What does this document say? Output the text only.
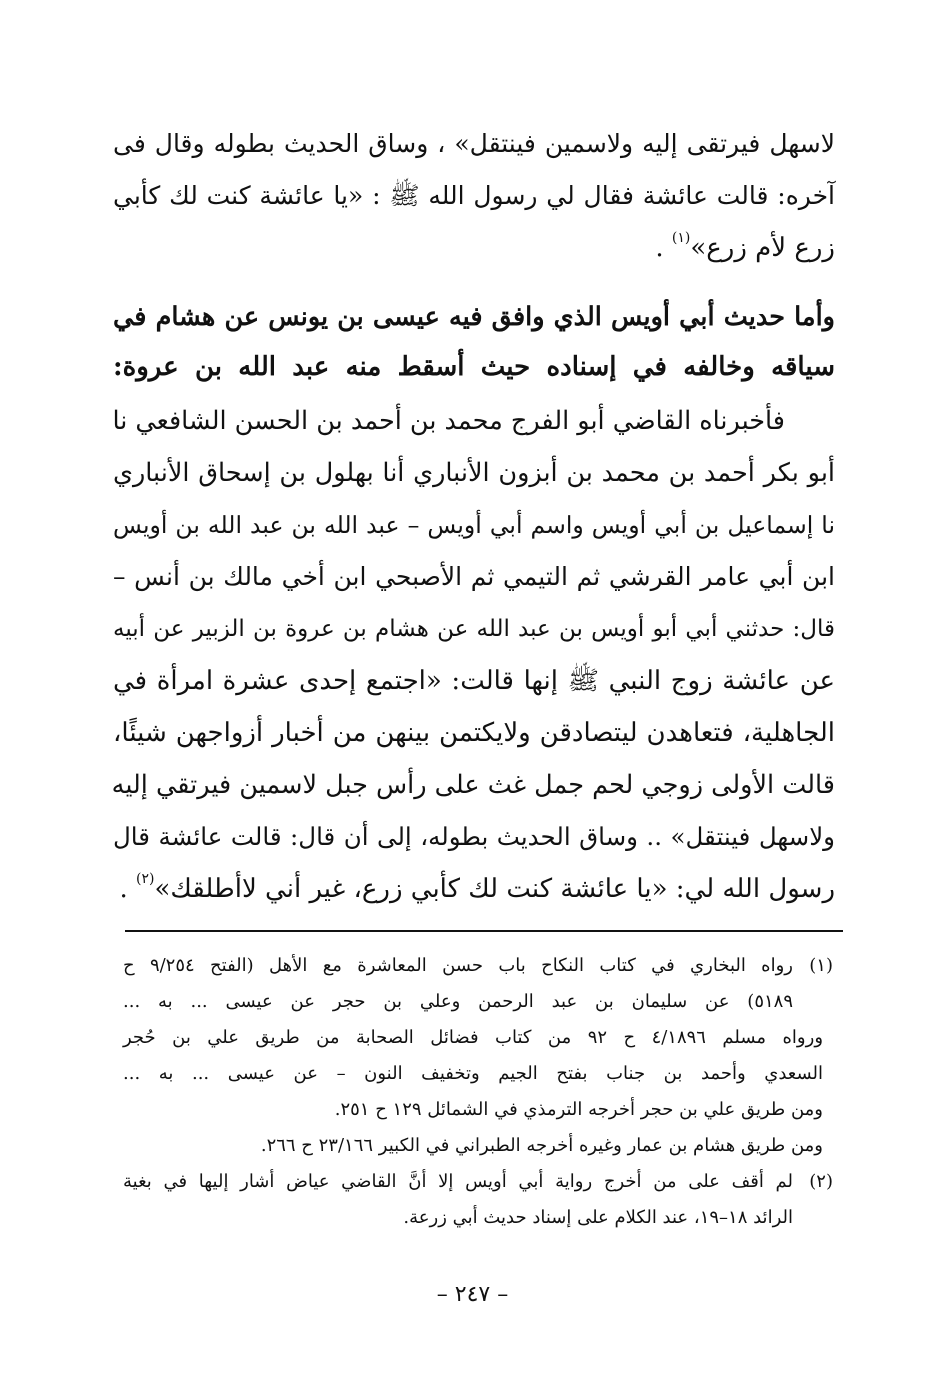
لاسهل فيرتقى إليه ولاسمين فينتقل» ، وساق الحديث بطوله وقال فى
آخره: قالت عائشة فقال لي رسول الله ﷺ : «يا عائشة كنت لك كأبي
زرع لأم زرع»$^{(١)}$ .
وأما حديث أبي أويس الذي وافق فيه عيسى بن يونس عن هشام في
سياقه وخالفه في إسناده حيث أسقط منه عبد الله بن عروة:
فأخبرناه القاضي أبو الفرج محمد بن أحمد بن الحسن الشافعي نا
أبو بكر أحمد بن محمد بن أبزون الأنباري أنا بهلول بن إسحاق الأنباري
نا إسماعيل بن أبي أويس واسم أبي أويس – عبد الله بن عبد الله بن أويس
ابن أبي عامر القرشي ثم التيمي ثم الأصبحي ابن أخي مالك بن أنس –
قال: حدثني أبي أبو أويس بن عبد الله عن هشام بن عروة بن الزبير عن أبيه
عن عائشة زوج النبي ﷺ إنها قالت: «اجتمع إحدى عشرة امرأة في
الجاهلية، فتعاهدن ليتصادقن ولايكتمن بينهن من أخبار أزواجهن شيئًا،
قالت الأولى زوجي لحم جمل غث على رأس جبل لاسمين فيرتقي إليه
ولاسهل فينتقل» .. وساق الحديث بطوله، إلى أن قال: قالت عائشة قال
رسول الله لي: «يا عائشة كنت لك كأبي زرع، غير أني لاأطلقك»$^{(٢)}$ .
(١)رواه البخاري في كتاب النكاح باب حسن المعاشرة مع الأهل (الفتح ٩/٢٥٤ ح
٥١٨٩) عن سليمان بن عبد الرحمن وعلي بن حجر عن عيسى ... به ...
ورواه مسلم ٤/١٨٩٦ ح ٩٢ من كتاب فضائل الصحابة من طريق علي بن حُجر
السعدي وأحمد بن جناب بفتح الجيم وتخفيف النون – عن عيسى ... به ...
ومن طريق علي بن حجر أخرجه الترمذي في الشمائل ١٢٩ ح ٢٥١.
ومن طريق هشام بن عمار وغيره أخرجه الطبراني في الكبير ٢٣/١٦٦ ح ٢٦٦.
(٢)لم أقف على من أخرج رواية أبي أويس إلا أنَّ القاضي عياض أشار إليها في بغية
الرائد ١٨–١٩، عند الكلام على إسناد حديث أبي زرعة.
– ٢٤٧ –
